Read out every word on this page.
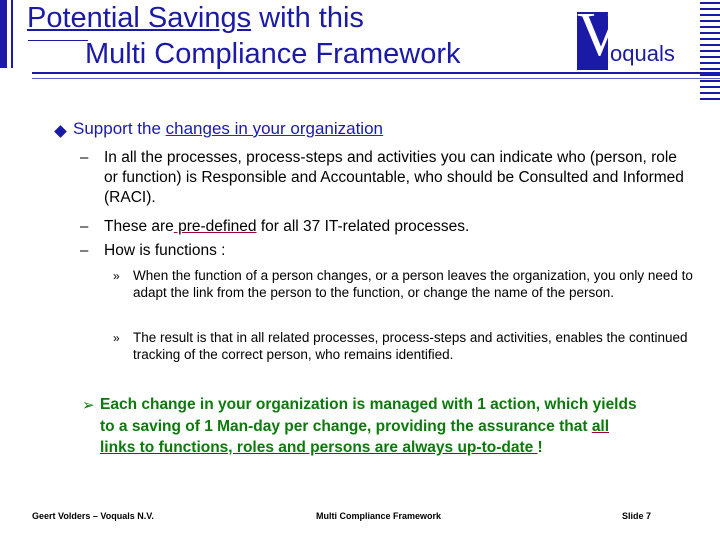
Potential Savings with this
Multi Compliance Framework V
oquals
Support the changes in your organization
– In all the processes, process-steps and activities you can indicate who (person, role or function) is Responsible and Accountable, who should be Consulted and Informed (RACI).
– These are pre-defined for all 37 IT-related processes.
– How is functions :
» When the function of a person changes, or a person leaves the organization, you only need to adapt the link from the person to the function, or change the name of the person.
» The result is that in all related processes, process-steps and activities, enables the continued tracking of the correct person, who remains identified.
➢ Each change in your organization is managed with 1 action, which yields to a saving of 1 Man-day per change, providing the assurance that all links to functions, roles and persons are always up-to-date !
Geert Volders – Voquals N.V.	Multi Compliance Framework	Slide 7
